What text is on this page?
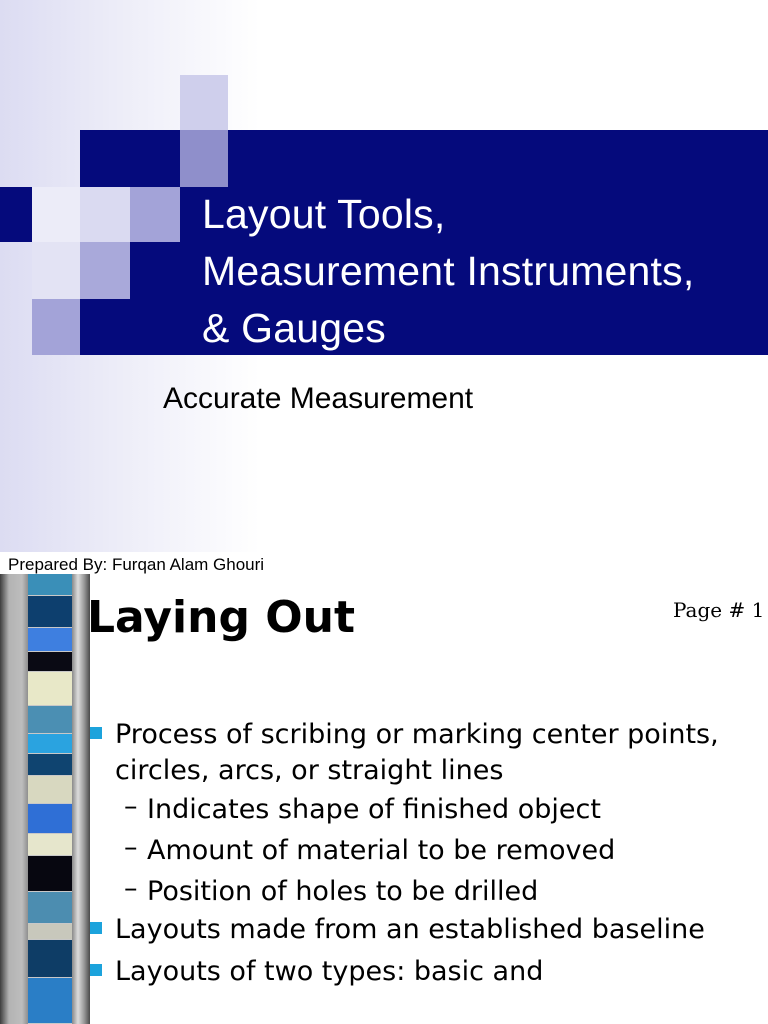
Layout Tools,
Measurement Instruments,
& Gauges
Accurate Measurement
Prepared By: Furqan Alam Ghouri
Laying Out	Page # 1
Process of scribing or marking center points, circles, arcs, or straight lines
– Indicates shape of finished object
– Amount of material to be removed
– Position of holes to be drilled
Layouts made from an established baseline
Layouts of two types: basic and
